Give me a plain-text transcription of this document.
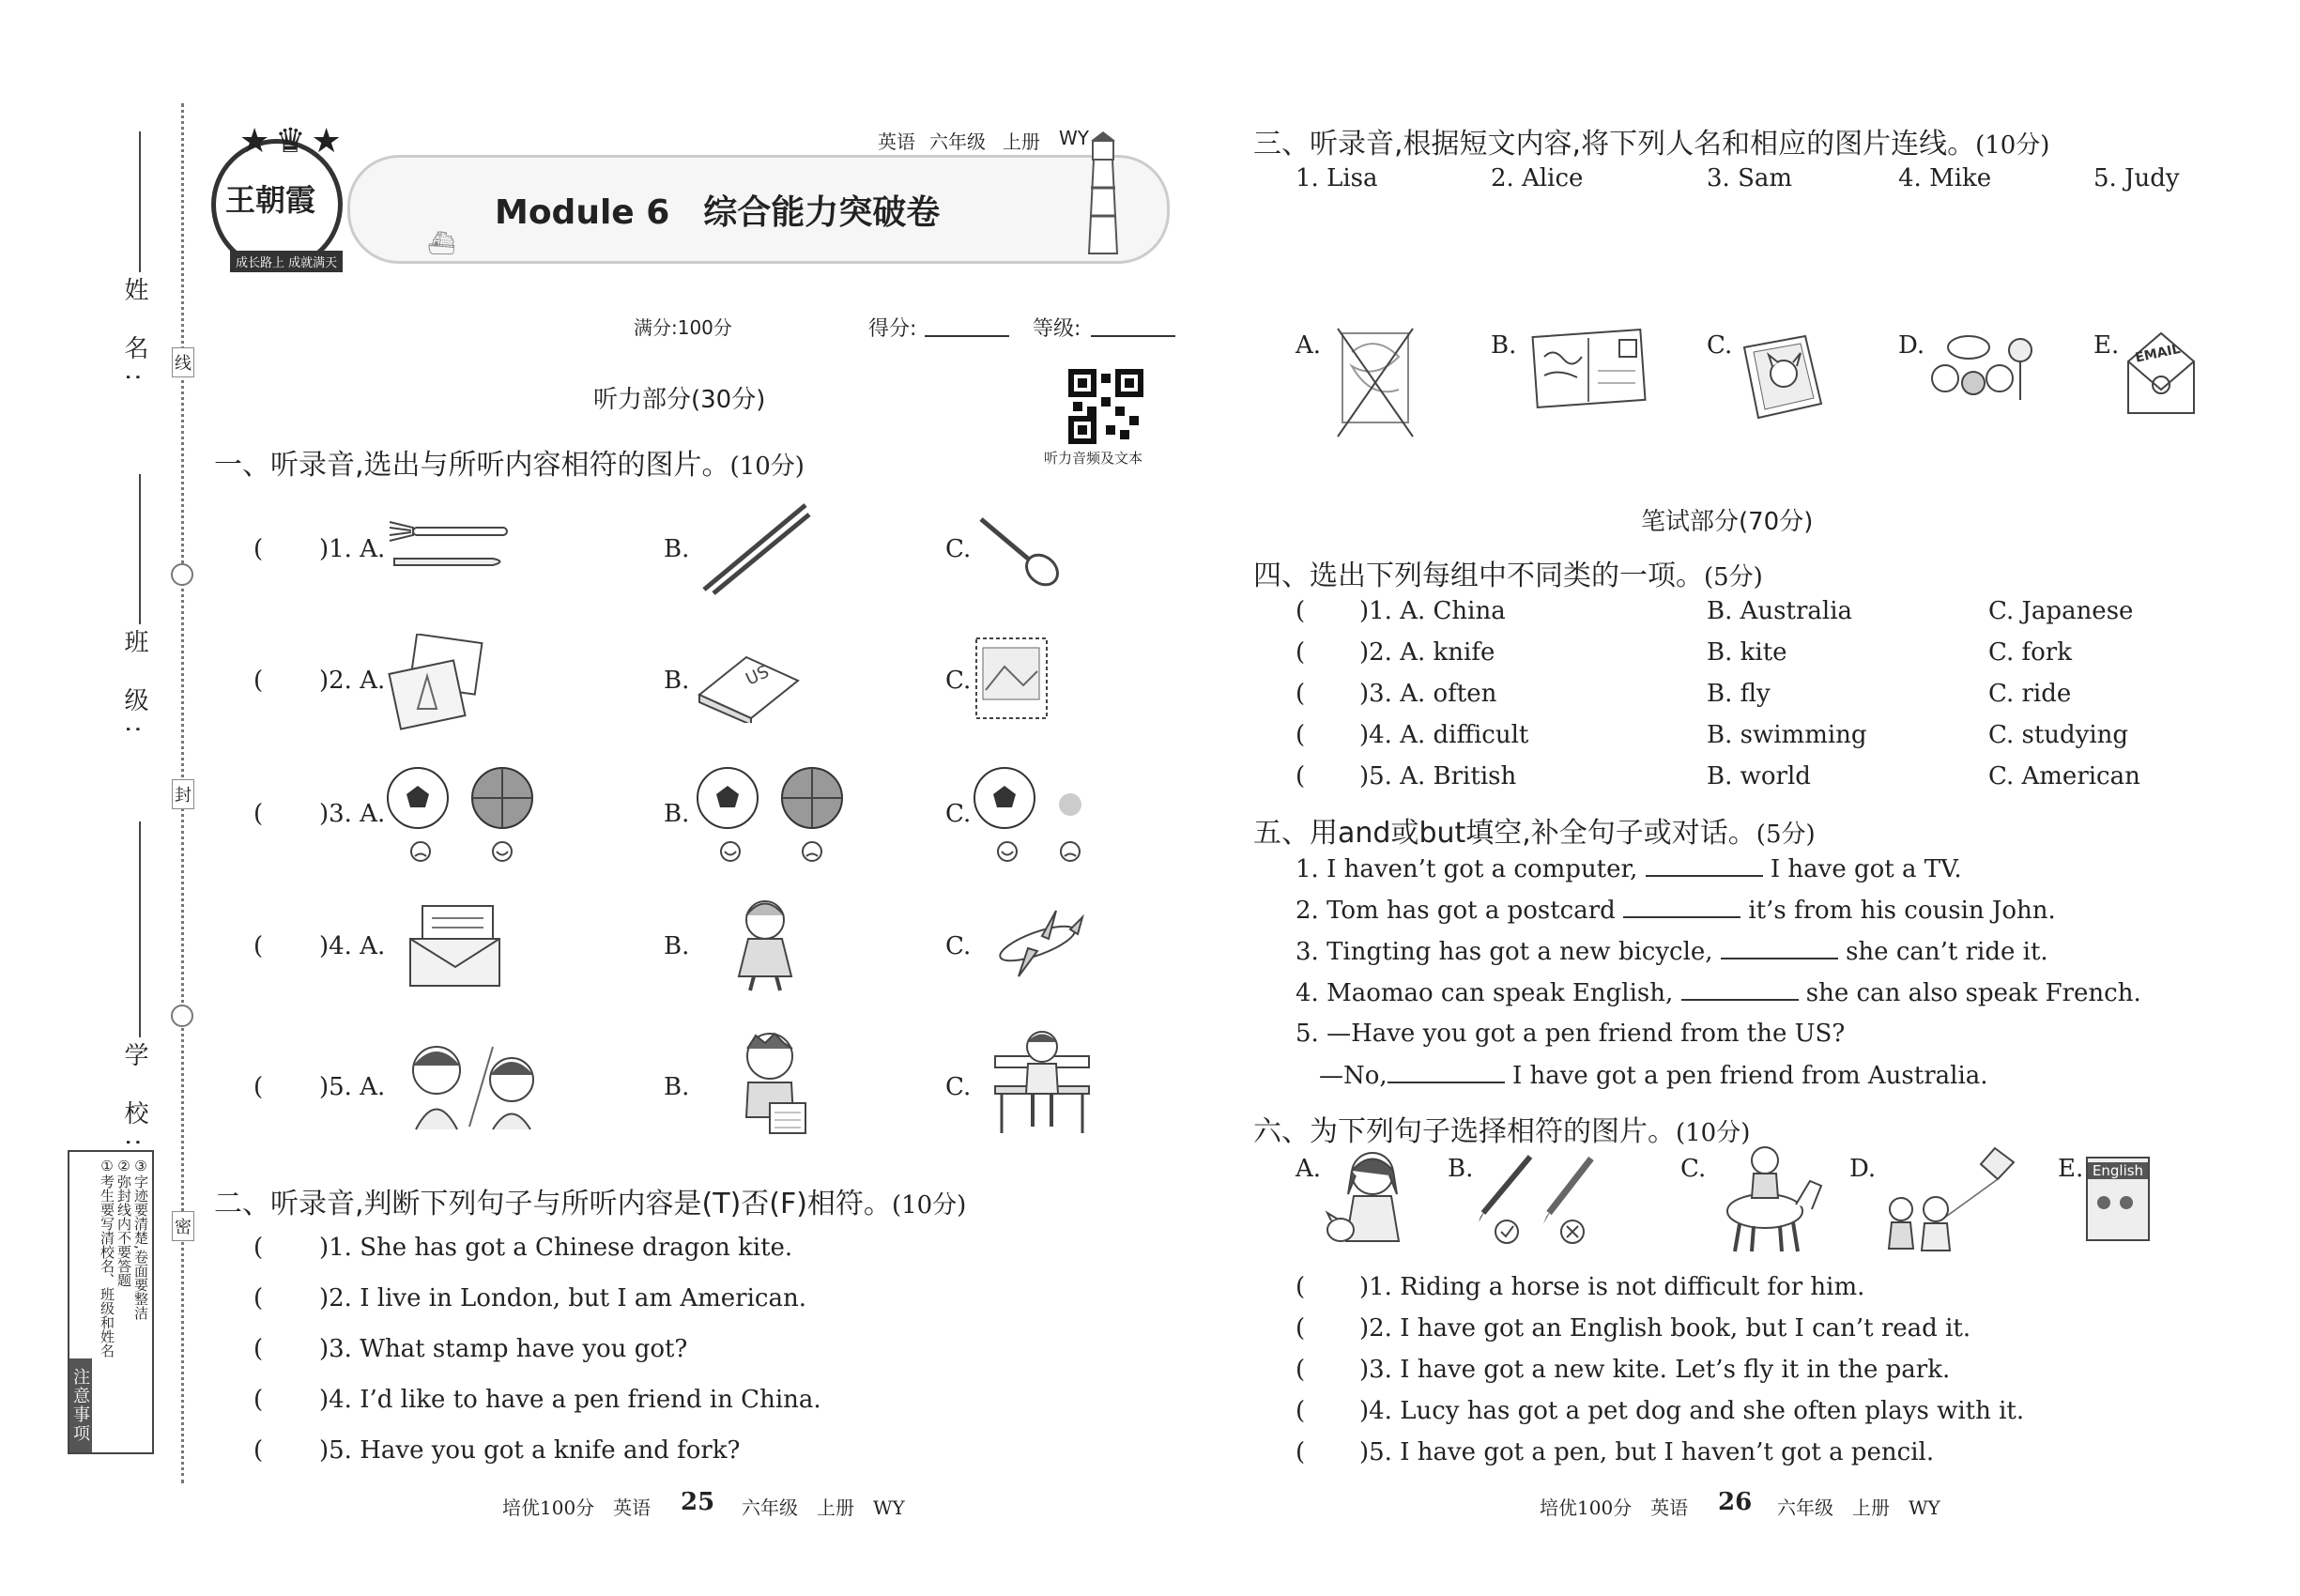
姓 名:
班 级:
学 校:
线
封
密
注意事项
①考生要写清校名、班级和姓名 ②弥封线内不要答题 ③字迹要清楚,卷面要整洁
王朝霞
成长路上 成就满天
★♛★	英语 六年级 上册 WY
Module 6　综合能力突破卷
⛴
满分:100分	得分:	等级:
听力音频及文本
听力部分(30分)
一、听录音,选出与所听内容相符的图片。(10分)
( )1. A.	B.	C.
( )2. A.	B.	US	C.
( )3. A.	B.	C.
( )4. A.	B.	C.
( )5. A.	B.	C.
二、听录音,判断下列句子与所听内容是(T)否(F)相符。(10分)
( )1. She has got a Chinese dragon kite.
( )2. I live in London, but I am American.
( )3. What stamp have you got?
( )4. I’d like to have a pen friend in China.
( )5. Have you got a knife and fork?
培优100分　英语 25 六年级　上册　WY
三、听录音,根据短文内容,将下列人名和相应的图片连线。(10分)
1. Lisa	2. Alice	3. Sam	4. Mike	5. Judy
A.	B.	C.	D.	E. EMAIL
笔试部分(70分)
四、选出下列每组中不同类的一项。(5分)
( )1. A. China	B. Australia	C. Japanese
( )2. A. knife	B. kite	C. fork
( )3. A. often	B. fly	C. ride
( )4. A. difficult	B. swimming	C. studying
( )5. A. British	B. world	C. American
五、用and或but填空,补全句子或对话。(5分)
1. I haven’t got a computer,	I have got a TV.
2. Tom has got a postcard	it’s from his cousin John.
3. Tingting has got a new bicycle,	she can’t ride it.
4. Maomao can speak English,	she can also speak French.
5. —Have you got a pen friend from the US?
—No,	I have got a pen friend from Australia.
六、为下列句子选择相符的图片。(10分)
A.	B.	C.	D.	E. English
( )1. Riding a horse is not difficult for him.
( )2. I have got an English book, but I can’t read it.
( )3. I have got a new kite. Let’s fly it in the park.
( )4. Lucy has got a pet dog and she often plays with it.
( )5. I have got a pen, but I haven’t got a pencil.
培优100分　英语 26 六年级　上册　WY
